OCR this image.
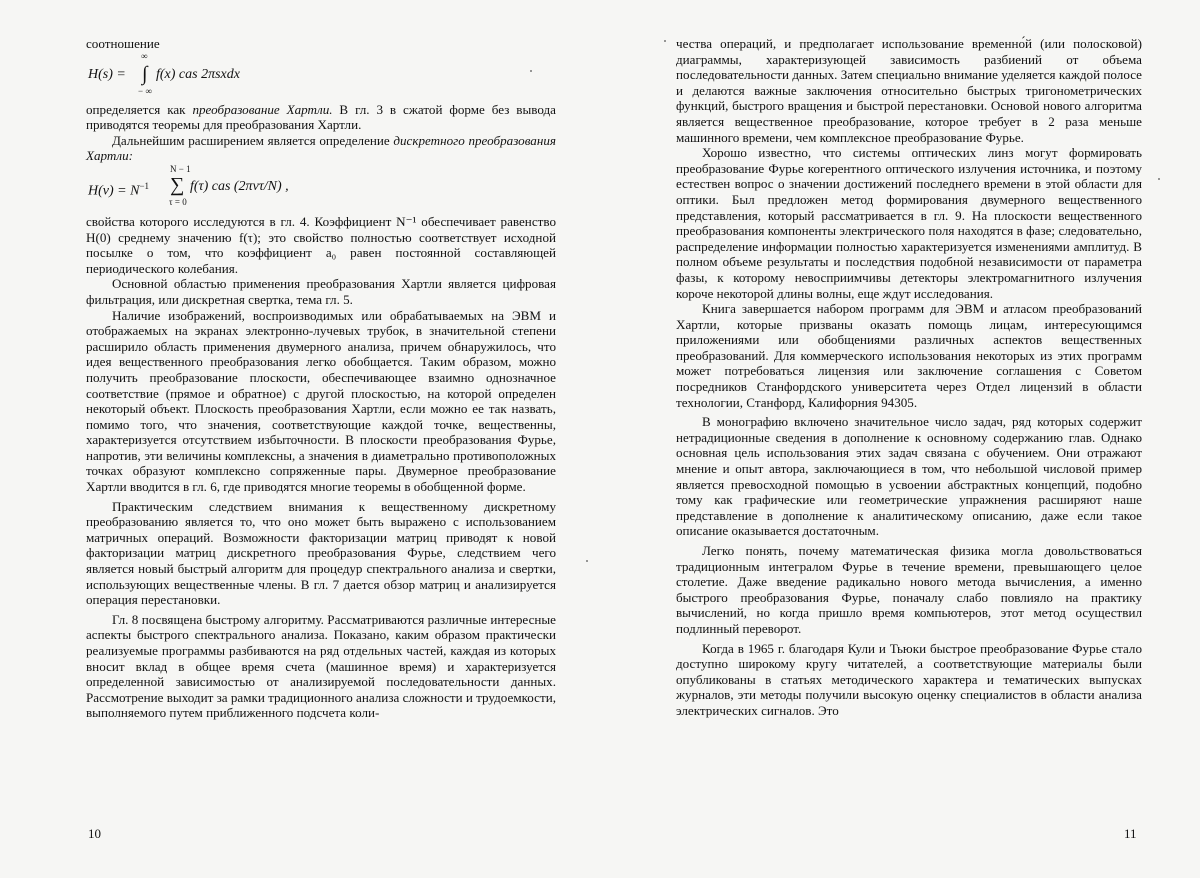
соотношение

H(s) =
∞
∫
− ∞
f(x) cas 2πsxdx

определяется как преобразование Хартли. В гл. 3 в сжатой форме без вывода приводятся теоремы для преобразования Хартли.

Дальнейшим расширением является определение дискретного преобразования Хартли:

$H(\nu) = N^{-1}$
N − 1
∑
τ = 0
f(τ) cas (2πντ/N) ,

свойства которого исследуются в гл. 4. Коэффициент N⁻¹ обеспечивает равенство H(0) среднему значению f(τ); это свойство полностью соответствует исходной посылке о том, что коэффициент a₀ равен постоянной составляющей периодического колебания.

Основной областью применения преобразования Хартли является цифровая фильтрация, или дискретная свертка, тема гл. 5.

Наличие изображений, воспроизводимых или обрабатываемых на ЭВМ и отображаемых на экранах электронно-лучевых трубок, в значительной степени расширило область применения двумерного анализа, причем обнаружилось, что идея вещественного преобразования легко обобщается. Таким образом, можно получить преобразование плоскости, обеспечивающее взаимно однозначное соответствие (прямое и обратное) с другой плоскостью, на которой определен некоторый объект. Плоскость преобразования Хартли, если можно ее так назвать, помимо того, что значения, соответствующие каждой точке, вещественны, характеризуется отсутствием избыточности. В плоскости преобразования Фурье, напротив, эти величины комплексны, а значения в диаметрально противоположных точках образуют комплексно сопряженные пары. Двумерное преобразование Хартли вводится в гл. 6, где приводятся многие теоремы в обобщенной форме.

Практическим следствием внимания к вещественному дискретному преобразованию является то, что оно может быть выражено с использованием матричных операций. Возможности факторизации матриц приводят к новой факторизации матриц дискретного преобразования Фурье, следствием чего является новый быстрый алгоритм для процедур спектрального анализа и свертки, использующих вещественные члены. В гл. 7 дается обзор матриц и анализируется операция перестановки.

Гл. 8 посвящена быстрому алгоритму. Рассматриваются различные интересные аспекты быстрого спектрального анализа. Показано, каким образом практически реализуемые программы разбиваются на ряд отдельных частей, каждая из которых вносит вклад в общее время счета (машинное время) и характеризуется определенной зависимостью от анализируемой последовательности данных. Рассмотрение выходит за рамки традиционного анализа сложности и трудоемкости, выполняемого путем приближенного подсчета коли-

10

чества операций, и предполагает использование временно́й (или полосковой) диаграммы, характеризующей зависимость разбиений от объема последовательности данных. Затем специально внимание уделяется каждой полосе и делаются важные заключения относительно быстрых тригонометрических функций, быстрого вращения и быстрой перестановки. Основой нового алгоритма является вещественное преобразование, которое требует в 2 раза меньше машинного времени, чем комплексное преобразование Фурье.

Хорошо известно, что системы оптических линз могут формировать преобразование Фурье когерентного оптического излучения источника, и поэтому естествен вопрос о значении достижений последнего времени в этой области для оптики. Был предложен метод формирования двумерного вещественного представления, который рассматривается в гл. 9. На плоскости вещественного преобразования компоненты электрического поля находятся в фазе; следовательно, распределение информации полностью характеризуется изменениями амплитуд. В полном объеме результаты и последствия подобной независимости от параметра фазы, к которому невосприимчивы детекторы электромагнитного излучения короче некоторой длины волны, еще ждут исследования.

Книга завершается набором программ для ЭВМ и атласом преобразований Хартли, которые призваны оказать помощь лицам, интересующимся приложениями или обобщениями различных аспектов вещественных преобразований. Для коммерческого использования некоторых из этих программ может потребоваться лицензия или заключение соглашения с Советом посредников Станфордского университета через Отдел лицензий в области технологии, Станфорд, Калифорния 94305.

В монографию включено значительное число задач, ряд которых содержит нетрадиционные сведения в дополнение к основному содержанию глав. Однако основная цель использования этих задач связана с обучением. Они отражают мнение и опыт автора, заключающиеся в том, что небольшой числовой пример является превосходной помощью в усвоении абстрактных концепций, подобно тому как графические или геометрические упражнения расширяют наше представление в дополнение к аналитическому описанию, даже если такое описание оказывается достаточным.

Легко понять, почему математическая физика могла довольствоваться традиционным интегралом Фурье в течение времени, превышающего целое столетие. Даже введение радикально нового метода вычисления, а именно быстрого преобразования Фурье, поначалу слабо повлияло на практику вычислений, но когда пришло время компьютеров, этот метод осуществил подлинный переворот.

Когда в 1965 г. благодаря Кули и Тьюки быстрое преобразование Фурье стало доступно широкому кругу читателей, а соответствующие материалы были опубликованы в статьях методического характера и тематических выпусках журналов, эти методы получили высокую оценку специалистов в области анализа электрических сигналов. Это

11
